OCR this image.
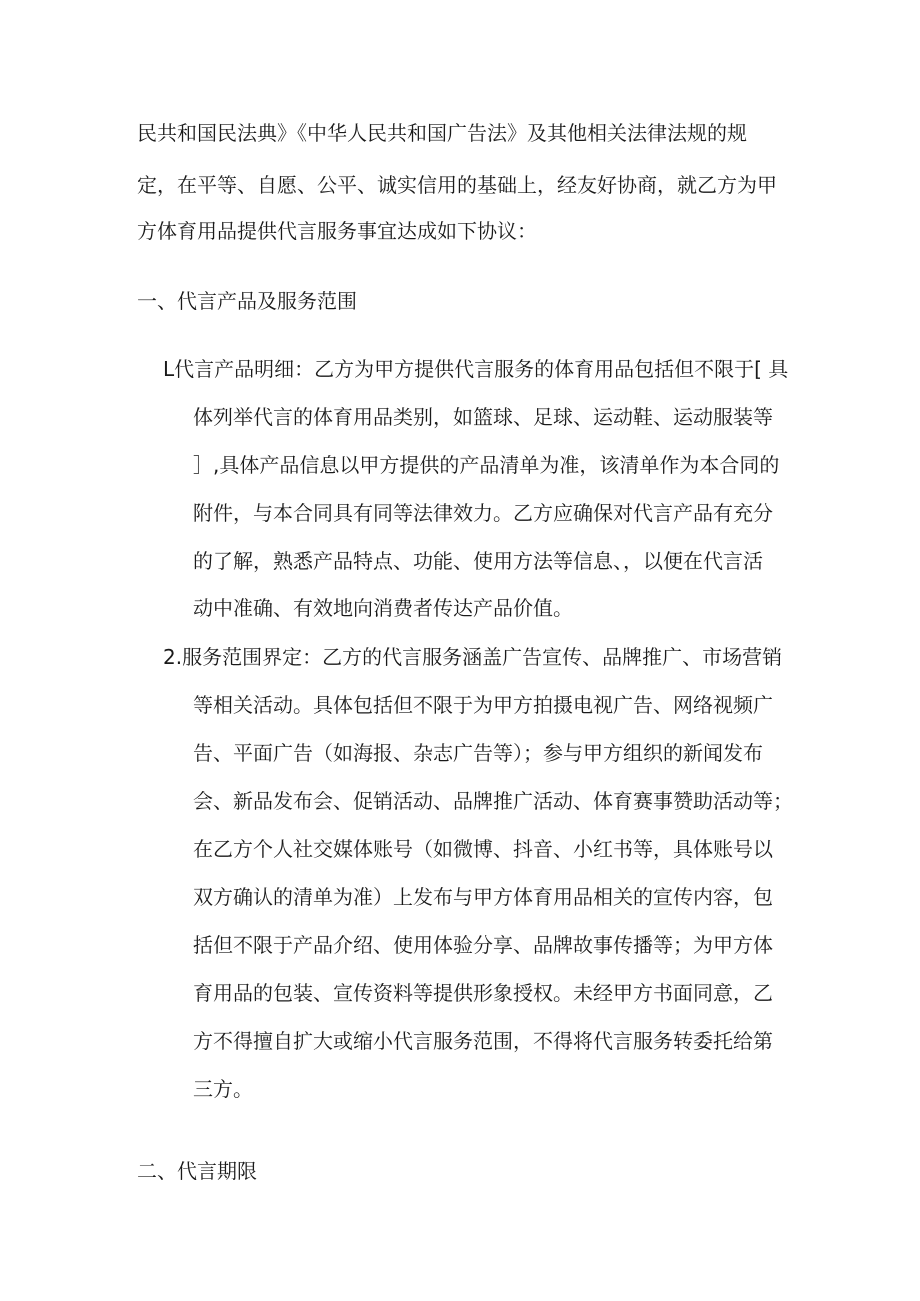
民共和国民法典》《中华人民共和国广告法》及其他相关法律法规的规
定，在平等、自愿、公平、诚实信用的基础上，经友好协商，就乙方为甲
方体育用品提供代言服务事宜达成如下协议：
一、代言产品及服务范围
L代言产品明细：乙方为甲方提供代言服务的体育用品包括但不限于[ 具
体列举代言的体育用品类别，如篮球、足球、运动鞋、运动服装等
］,具体产品信息以甲方提供的产品清单为准，该清单作为本合同的
附件，与本合同具有同等法律效力。乙方应确保对代言产品有充分
的了解，熟悉产品特点、功能、使用方法等信息、，以便在代言活
动中准确、有效地向消费者传达产品价值。
2.服务范围界定：乙方的代言服务涵盖广告宣传、品牌推广、市场营销
等相关活动。具体包括但不限于为甲方拍摄电视广告、网络视频广
告、平面广告（如海报、杂志广告等）；参与甲方组织的新闻发布
会、新品发布会、促销活动、品牌推广活动、体育赛事赞助活动等；
在乙方个人社交媒体账号（如微博、抖音、小红书等，具体账号以
双方确认的清单为准）上发布与甲方体育用品相关的宣传内容，包
括但不限于产品介绍、使用体验分享、品牌故事传播等；为甲方体
育用品的包装、宣传资料等提供形象授权。未经甲方书面同意，乙
方不得擅自扩大或缩小代言服务范围，不得将代言服务转委托给第
三方。
二、代言期限
